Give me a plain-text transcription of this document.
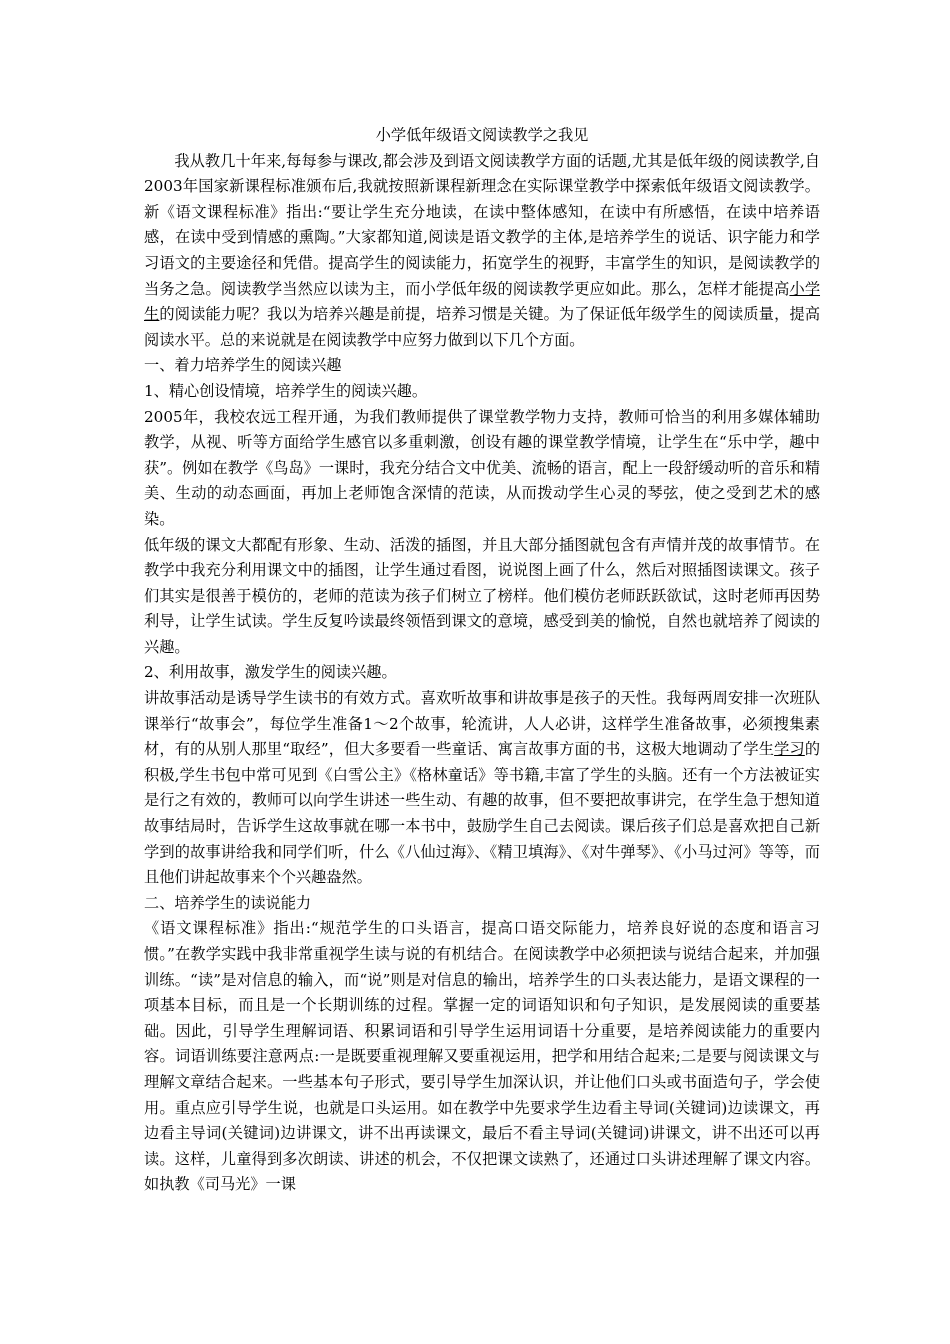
小学低年级语文阅读教学之我见

我从教几十年来,每每参与课改,都会涉及到语文阅读教学方面的话题,尤其是低年级的阅读教学,自2003年国家新课程标准颁布后,我就按照新课程新理念在实际课堂教学中探索低年级语文阅读教学。新《语文课程标准》指出:“要让学生充分地读，在读中整体感知，在读中有所感悟，在读中培养语感，在读中受到情感的熏陶。”大家都知道,阅读是语文教学的主体,是培养学生的说话、识字能力和学习语文的主要途径和凭借。提高学生的阅读能力，拓宽学生的视野，丰富学生的知识，是阅读教学的当务之急。阅读教学当然应以读为主，而小学低年级的阅读教学更应如此。那么，怎样才能提高小学生的阅读能力呢？我以为培养兴趣是前提，培养习惯是关键。为了保证低年级学生的阅读质量，提高阅读水平。总的来说就是在阅读教学中应努力做到以下几个方面。

一、着力培养学生的阅读兴趣

1、精心创设情境，培养学生的阅读兴趣。

2005年，我校农远工程开通，为我们教师提供了课堂教学物力支持，教师可恰当的利用多媒体辅助教学，从视、听等方面给学生感官以多重刺激，创设有趣的课堂教学情境，让学生在“乐中学，趣中获”。例如在教学《鸟岛》一课时，我充分结合文中优美、流畅的语言，配上一段舒缓动听的音乐和精美、生动的动态画面，再加上老师饱含深情的范读，从而拨动学生心灵的琴弦，使之受到艺术的感染。

低年级的课文大都配有形象、生动、活泼的插图，并且大部分插图就包含有声情并茂的故事情节。在教学中我充分利用课文中的插图，让学生通过看图，说说图上画了什么，然后对照插图读课文。孩子们其实是很善于模仿的，老师的范读为孩子们树立了榜样。他们模仿老师跃跃欲试，这时老师再因势利导，让学生试读。学生反复吟读最终领悟到课文的意境，感受到美的愉悦，自然也就培养了阅读的兴趣。

2、利用故事，激发学生的阅读兴趣。

讲故事活动是诱导学生读书的有效方式。喜欢听故事和讲故事是孩子的天性。我每两周安排一次班队课举行“故事会”，每位学生准备1～2个故事，轮流讲，人人必讲，这样学生准备故事，必须搜集素材，有的从别人那里“取经”，但大多要看一些童话、寓言故事方面的书，这极大地调动了学生学习的积极,学生书包中常可见到《白雪公主》《格林童话》等书籍,丰富了学生的头脑。还有一个方法被证实是行之有效的，教师可以向学生讲述一些生动、有趣的故事，但不要把故事讲完，在学生急于想知道故事结局时，告诉学生这故事就在哪一本书中，鼓励学生自己去阅读。课后孩子们总是喜欢把自己新学到的故事讲给我和同学们听，什么《八仙过海》、《精卫填海》、《对牛弹琴》、《小马过河》等等，而且他们讲起故事来个个兴趣盎然。

二、培养学生的读说能力

《语文课程标准》指出:“规范学生的口头语言，提高口语交际能力，培养良好说的态度和语言习惯。”在教学实践中我非常重视学生读与说的有机结合。在阅读教学中必须把读与说结合起来，并加强训练。“读”是对信息的输入，而“说”则是对信息的输出，培养学生的口头表达能力，是语文课程的一项基本目标，而且是一个长期训练的过程。掌握一定的词语知识和句子知识，是发展阅读的重要基础。因此，引导学生理解词语、积累词语和引导学生运用词语十分重要，是培养阅读能力的重要内容。词语训练要注意两点:一是既要重视理解又要重视运用，把学和用结合起来;二是要与阅读课文与理解文章结合起来。一些基本句子形式，要引导学生加深认识，并让他们口头或书面造句子，学会使用。重点应引导学生说，也就是口头运用。如在教学中先要求学生边看主导词(关键词)边读课文，再边看主导词(关键词)边讲课文，讲不出再读课文，最后不看主导词(关键词)讲课文，讲不出还可以再读。这样，儿童得到多次朗读、讲述的机会，不仅把课文读熟了，还通过口头讲述理解了课文内容。如执教《司马光》一课
